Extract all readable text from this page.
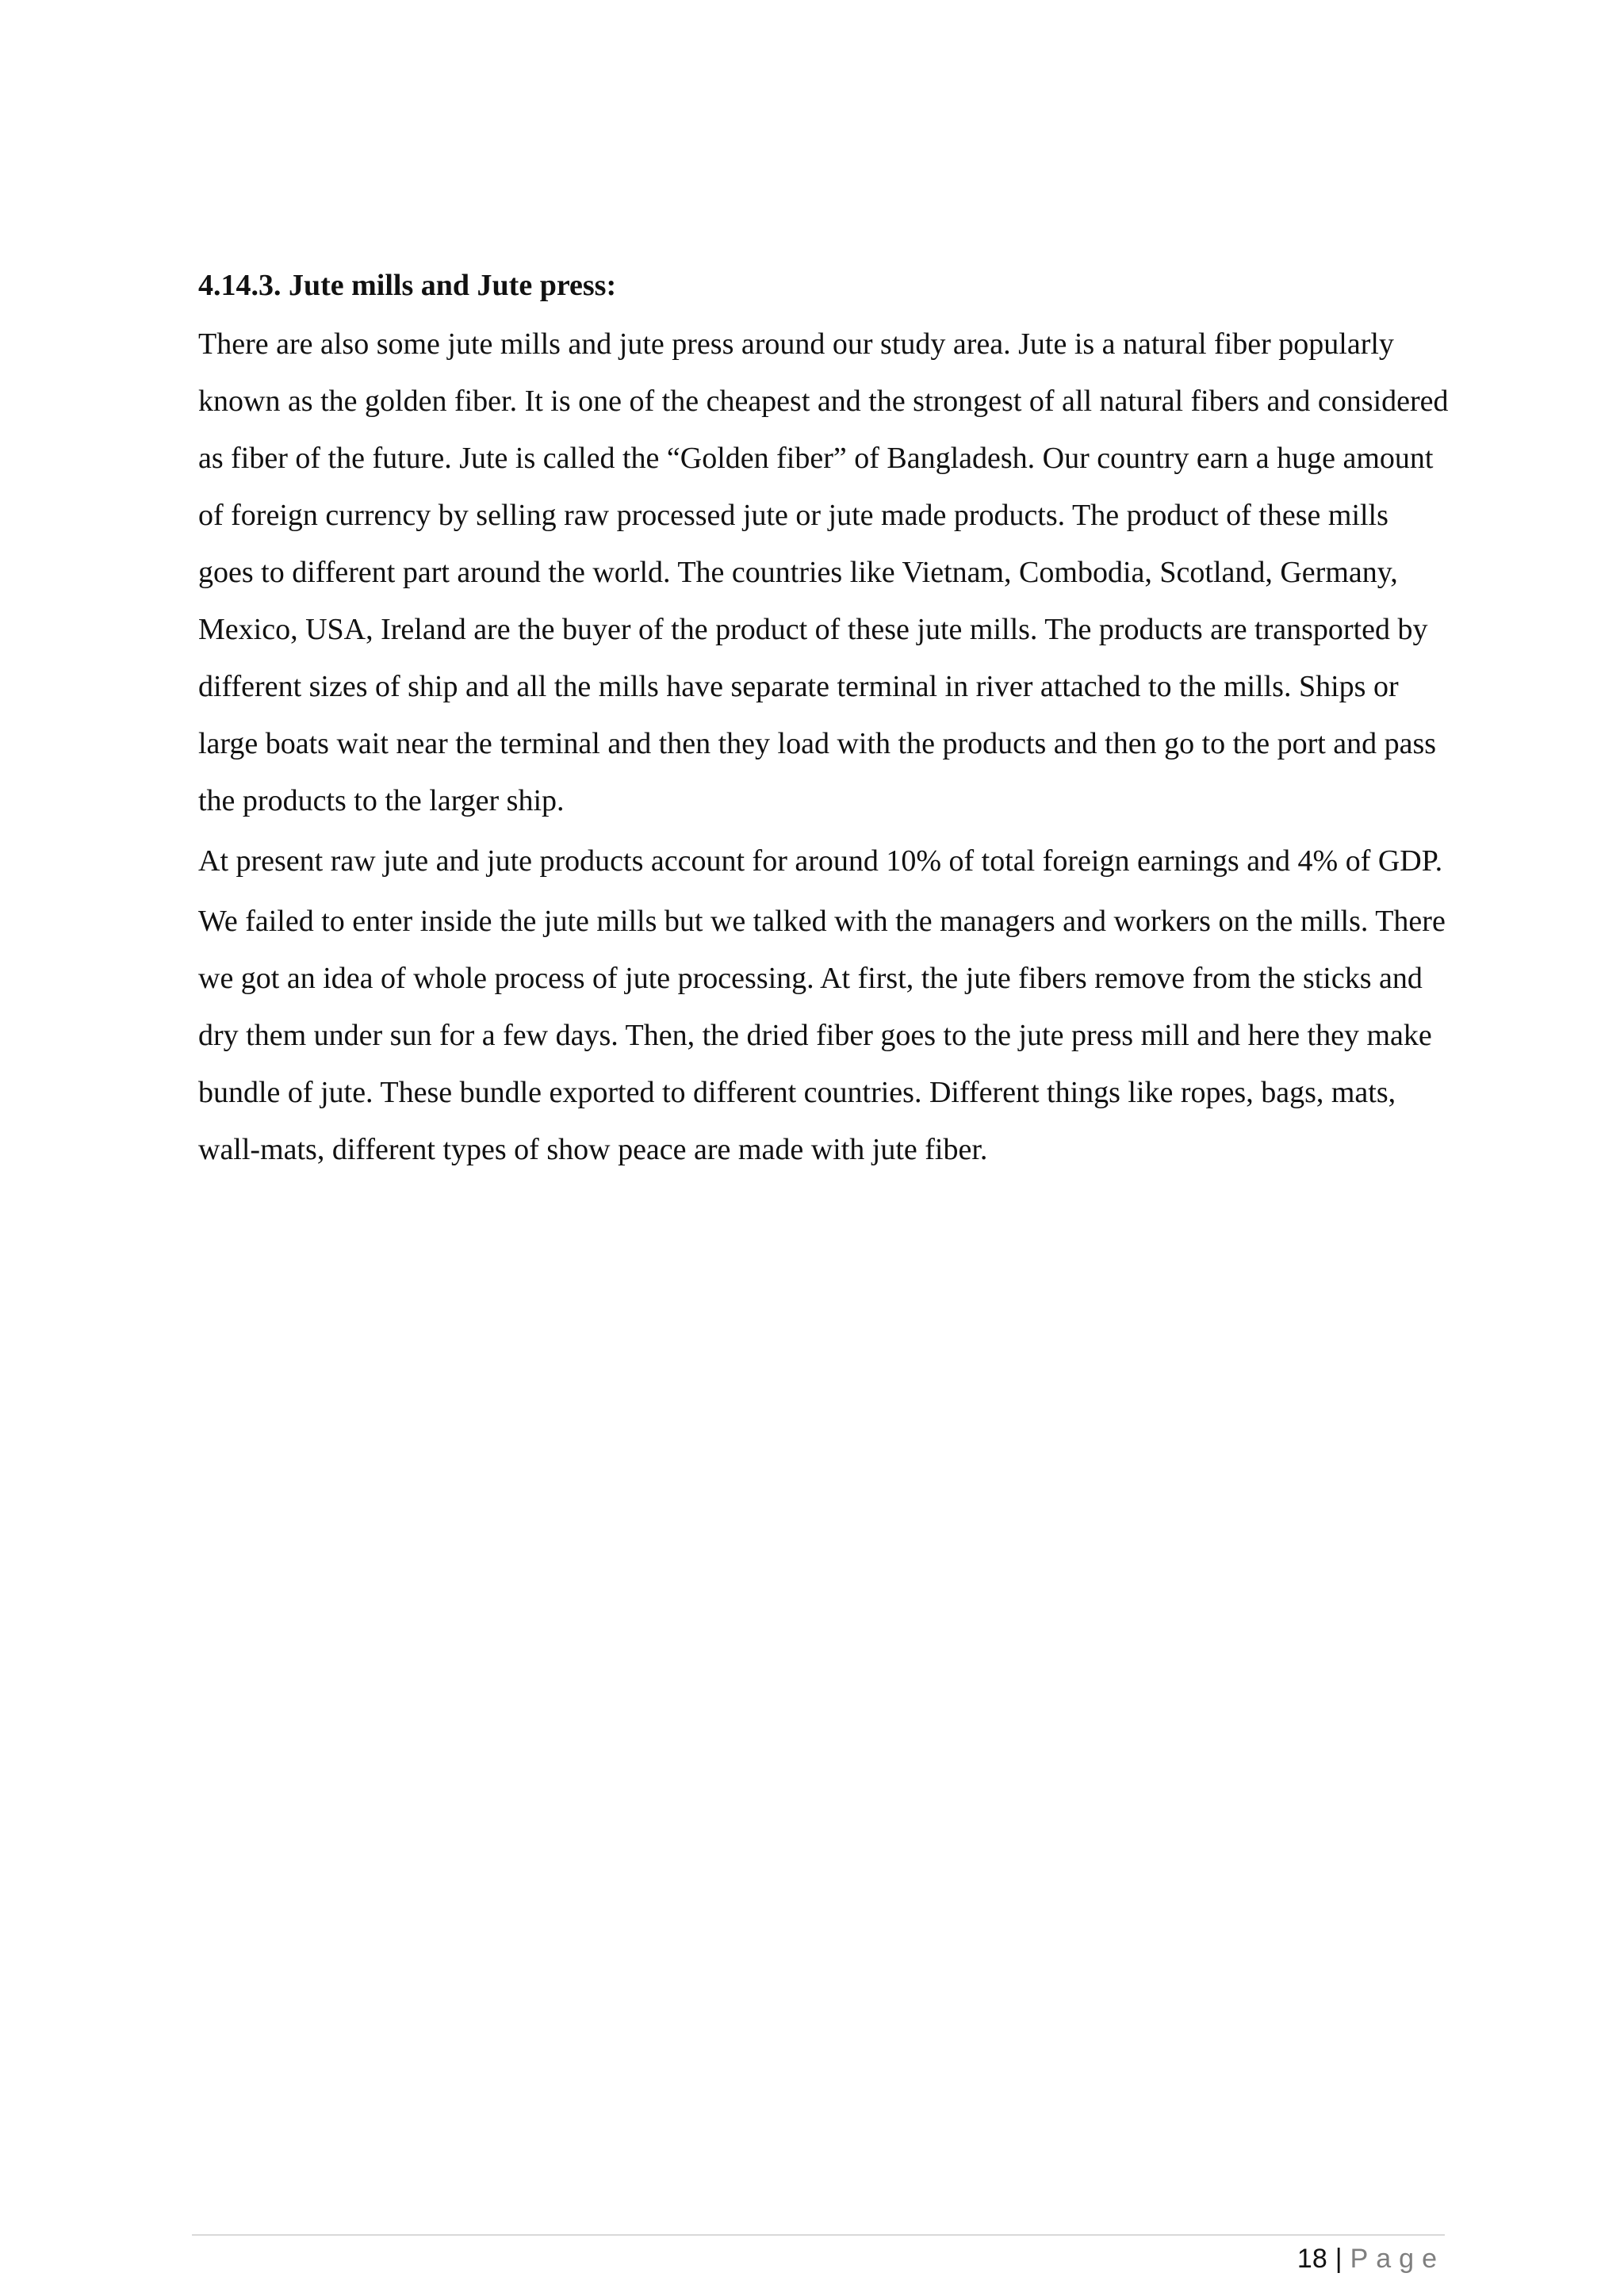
4.14.3. Jute mills and Jute press:

There are also some jute mills and jute press around our study area. Jute is a natural fiber popularly known as the golden fiber. It is one of the cheapest and the strongest of all natural fibers and considered as fiber of the future. Jute is called the “Golden fiber” of Bangladesh. Our country earn a huge amount of foreign currency by selling raw processed jute or jute made products. The product of these mills goes to different part around the world. The countries like Vietnam, Combodia, Scotland, Germany, Mexico, USA, Ireland are the buyer of the product of these jute mills. The products are transported by different sizes of ship and all the mills have separate terminal in river attached to the mills. Ships or large boats wait near the terminal and then they load with the products and then go to the port and pass the products to the larger ship.

At present raw jute and jute products account for around 10% of total foreign earnings and 4% of GDP.

We failed to enter inside the jute mills but we talked with the managers and workers on the mills. There we got an idea of whole process of jute processing. At first, the jute fibers remove from the sticks and dry them under sun for a few days. Then, the dried fiber goes to the jute press mill and here they make bundle of jute. These bundle exported to different countries. Different things like ropes, bags, mats, wall-mats, different types of show peace are made with jute fiber.

18 | Page
